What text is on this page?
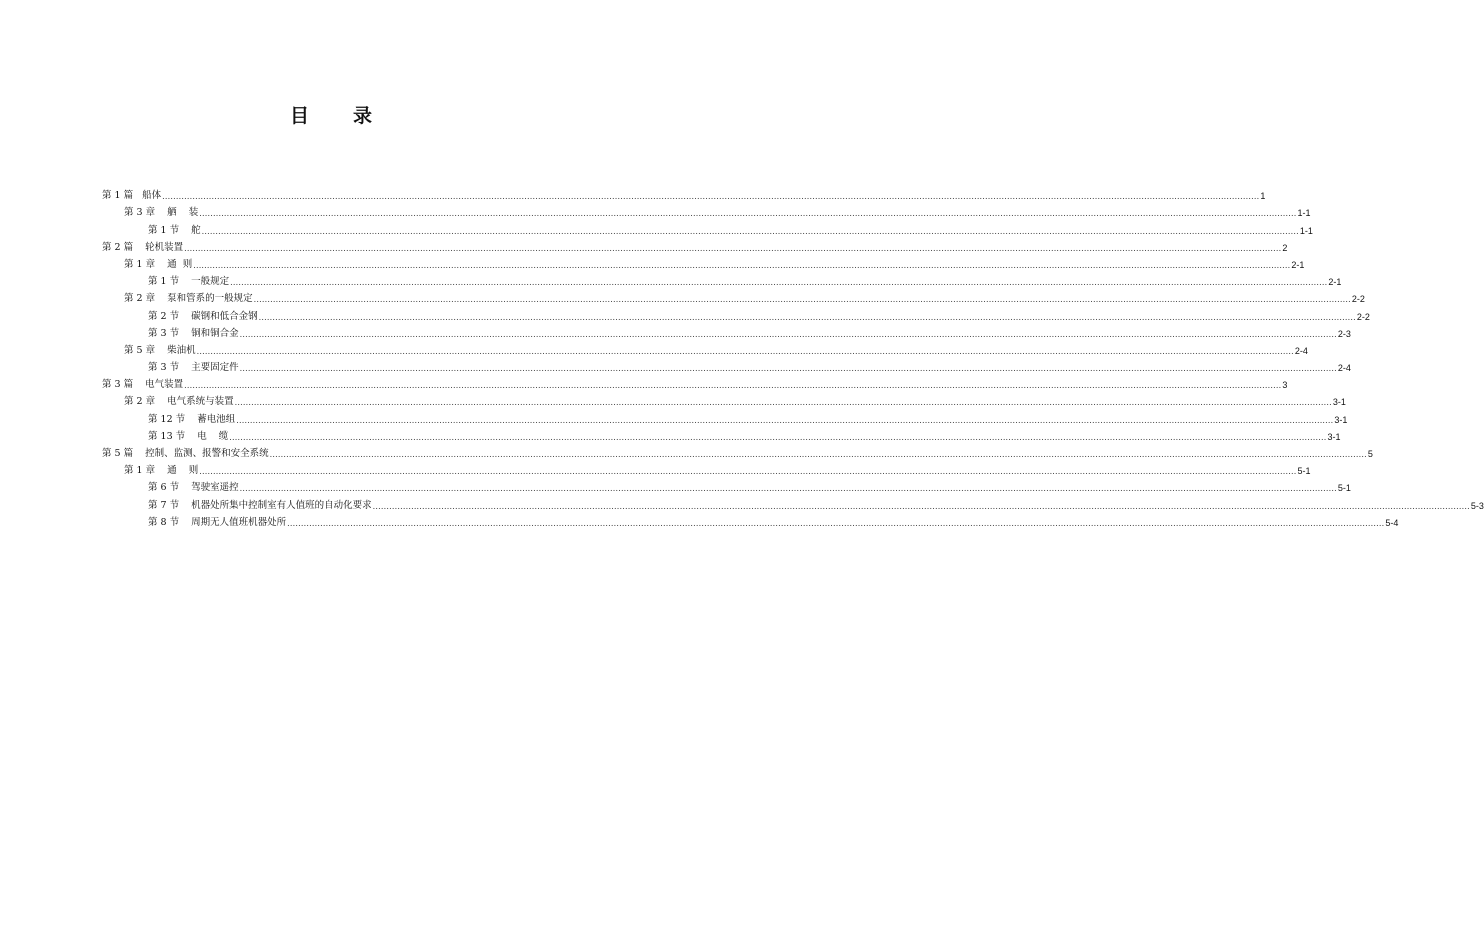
目 录
第 1 篇   船体 ................................................................................................................................................................................................................................................................................................................................................................................................................ 1
第 3 章    舾    装 ................................................................................................................................................................................................................................................................................................................................................................................................................ 1-1
第 1 节    舵 ................................................................................................................................................................................................................................................................................................................................................................................................................ 1-1
第 2 篇    轮机装置 ................................................................................................................................................................................................................................................................................................................................................................................................................ 2
第 1 章    通  则 ................................................................................................................................................................................................................................................................................................................................................................................................................ 2-1
第 1 节    一般规定 ................................................................................................................................................................................................................................................................................................................................................................................................................ 2-1
第 2 章    泵和管系的一般规定 ................................................................................................................................................................................................................................................................................................................................................................................................................ 2-2
第 2 节    碳钢和低合金钢 ................................................................................................................................................................................................................................................................................................................................................................................................................ 2-2
第 3 节    铜和铜合金 ................................................................................................................................................................................................................................................................................................................................................................................................................ 2-3
第 5 章    柴油机 ................................................................................................................................................................................................................................................................................................................................................................................................................ 2-4
第 3 节    主要固定件 ................................................................................................................................................................................................................................................................................................................................................................................................................ 2-4
第 3 篇    电气装置 ................................................................................................................................................................................................................................................................................................................................................................................................................ 3
第 2 章    电气系统与装置 ................................................................................................................................................................................................................................................................................................................................................................................................................ 3-1
第 12 节    蓄电池组 ................................................................................................................................................................................................................................................................................................................................................................................................................ 3-1
第 13 节    电    缆 ................................................................................................................................................................................................................................................................................................................................................................................................................ 3-1
第 5 篇    控制、监测、报警和安全系统 ................................................................................................................................................................................................................................................................................................................................................................................................................ 5
第 1 章    通    则 ................................................................................................................................................................................................................................................................................................................................................................................................................ 5-1
第 6 节    驾驶室遥控 ................................................................................................................................................................................................................................................................................................................................................................................................................ 5-1
第 7 节    机器处所集中控制室有人值班的自动化要求 ................................................................................................................................................................................................................................................................................................................................................................................................................ 5-3
第 8 节    周期无人值班机器处所 ................................................................................................................................................................................................................................................................................................................................................................................................................ 5-4
